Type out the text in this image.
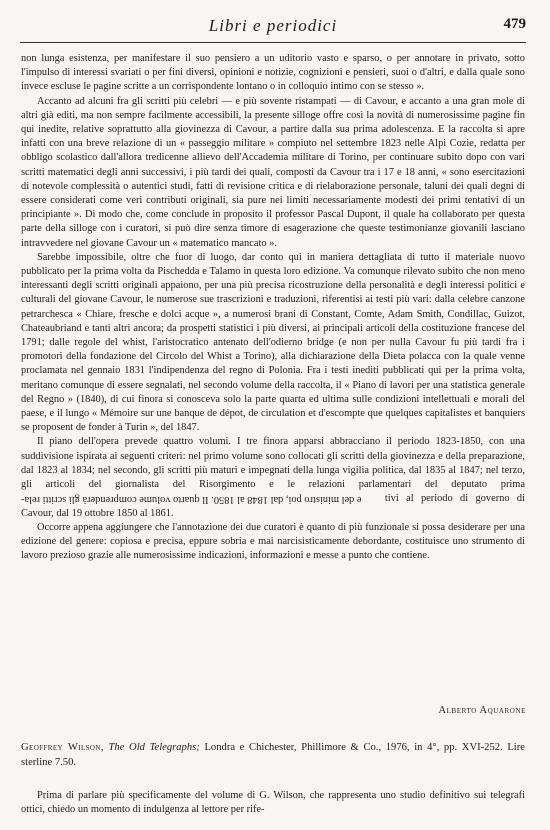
Libri e periodici	479

non lunga esistenza, per manifestare il suo pensiero a un uditorio vasto e sparso, o per annotare in privato, sotto l'impulso di interessi svariati o per fini diversi, opinioni e notizie, cognizioni e pensieri, suoi o d'altri, e dalla quale sono invece escluse le pagine scritte a un corrispondente lontano o in colloquio intimo con se stesso ».

Accanto ad alcuni fra gli scritti più celebri — e più sovente ristampati — di Cavour, e accanto a una gran mole di altri già editi, ma non sempre facilmente accessibili, la presente silloge offre così la novità di numerosissime pagine fin qui inedite, relative soprattutto alla giovinezza di Cavour, a partire dalla sua prima adolescenza. E la raccolta si apre infatti con una breve relazione di un « passeggio militare » compiuto nel settembre 1823 nelle Alpi Cozie, redatta per obbligo scolastico dall'allora tredicenne allievo dell'Accademia militare di Torino, per continuare subito dopo con vari scritti matematici degli anni successivi, i più tardi dei quali, composti da Cavour tra i 17 e 18 anni, « sono esercitazioni di notevole complessità o autentici studi, fatti di revisione critica e di rielaborazione personale, taluni dei quali degni di essere considerati come veri contributi originali, sia pure nei limiti necessariamente modesti dei primi tentativi di un principiante ». Di modo che, come conclude in proposito il professor Pascal Dupont, il quale ha collaborato per questa parte della silloge con i curatori, si può dire senza timore di esagerazione che queste testimonianze giovanili lasciano intravvedere nel giovane Cavour un « matematico mancato ».

Sarebbe impossibile, oltre che fuor di luogo, dar conto qui in maniera dettagliata di tutto il materiale nuovo pubblicato per la prima volta da Pischedda e Talamo in questa loro edizione. Va comunque rilevato subito che non meno interessanti degli scritti originali appaiono, per una più precisa ricostruzione della personalità e degli interessi politici e culturali del giovane Cavour, le numerose sue trascrizioni e traduzioni, riferentisi ai testi più vari: dalla celebre canzone petrarchesca « Chiare, fresche e dolci acque », a numerosi brani di Constant, Comte, Adam Smith, Condillac, Guizot, Chateaubriand e tanti altri ancora; da prospetti statistici i più diversi, ai principali articoli della costituzione francese del 1791; dalle regole del whist, l'aristocratico antenato dell'odierno bridge (e non per nulla Cavour fu più tardi fra i promotori della fondazione del Circolo del Whist a Torino), alla dichiarazione della Dieta polacca con la quale venne proclamata nel gennaio 1831 l'indipendenza del regno di Polonia. Fra i testi inediti pubblicati qui per la prima volta, meritano comunque di essere segnalati, nel secondo volume della raccolta, il « Piano di lavori per una statistica generale del Regno » (1840), di cui finora si conosceva solo la parte quarta ed ultima sulle condizioni intellettuali e morali del paese, e il lungo « Mémoire sur une banque de dépot, de circulation et d'escompte que quelques capitalistes et banquiers se proposent de fonder à Turin », del 1847.

Il piano dell'opera prevede quattro volumi. I tre finora apparsi abbracciano il periodo 1823-1850, con una suddivisione ispirata ai seguenti criteri: nel primo volume sono collocati gli scritti della giovinezza e della preparazione, dal 1823 al 1834; nel secondo, gli scritti più maturi e impegnati della lunga vigilia politica, dal 1835 al 1847; nel terzo, gli articoli del giornalista del Risorgimento e le relazioni parlamentari del deputato prima e del ministro poi, dal 1848 al 1850. Il quarto volume comprenderà gli scritti rela- tivi al periodo di governo di Cavour, dal 19 ottobre 1850 al 1861.

Occorre appena aggiungere che l'annotazione dei due curatori è quanto di più funzionale si possa desiderare per una edizione del genere: copiosa e precisa, eppure sobria e mai narcisisticamente debordante, costituisce uno strumento di lavoro prezioso grazie alle numerosissime indicazioni, informazioni e messe a punto che contiene.

Alberto Aquarone
Geoffrey Wilson, The Old Telegraphs; Londra e Chichester, Phillimore & Co., 1976, in 4°, pp. XVI-252. Lire sterline 7.50.

Prima di parlare più specificamente del volume di G. Wilson, che rappresenta uno studio definitivo sui telegrafi ottici, chiedo un momento di indulgenza al lettore per rife-
